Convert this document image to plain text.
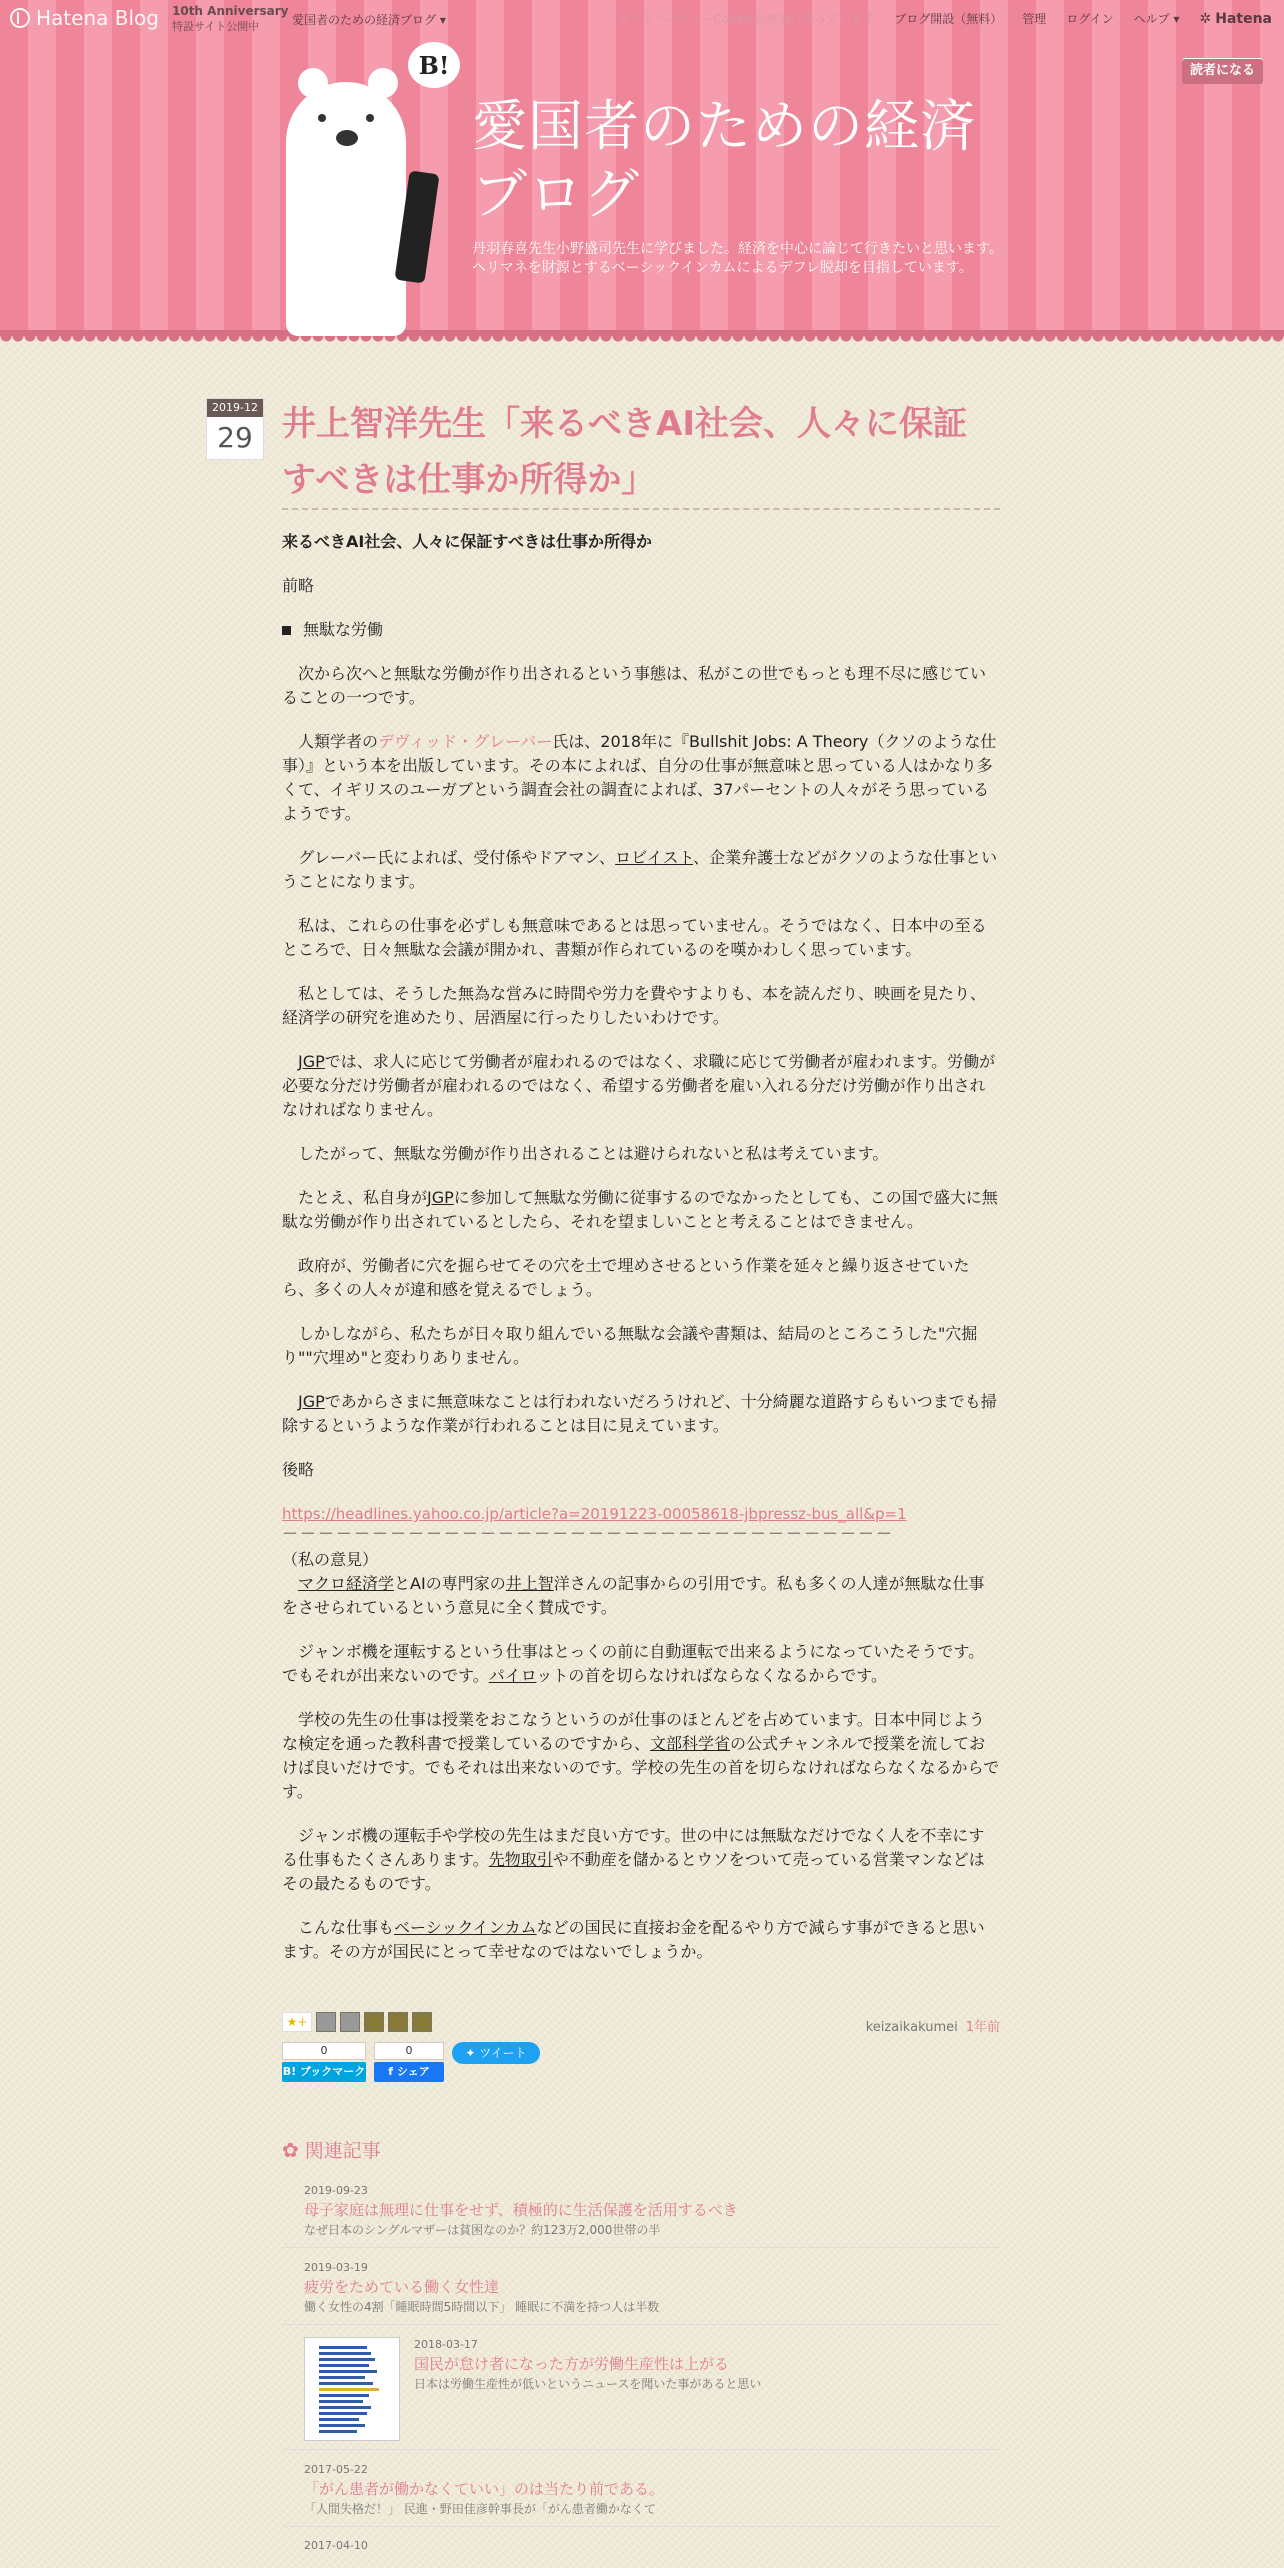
B!
愛国者のための経済ブログ
丹羽春喜先生小野盛司先生に学びました。経済を中心に論じて行きたいと思います。ヘリマネを財源とするベーシックインカムによるデフレ脱却を目指しています。
読者になる
Hatena Blog 10th Anniversary
特設サイト公開中	愛国者のための経済ブログ ▾	サードパーティーCookieが無効になっています ブログ開設（無料） 管理 ログイン ヘルプ ▾ ✲ Hatena
2019-12
29 井上智洋先生「来るべきAI社会、人々に保証すべきは仕事か所得か」

来るべきAI社会、人々に保証すべきは仕事か所得か

前略

無駄な労働

　次から次へと無駄な労働が作り出されるという事態は、私がこの世でもっとも理不尽に感じていることの一つです。

　人類学者のデヴィッド・グレーバー氏は、2018年に『Bullshit Jobs: A Theory（クソのような仕事）』という本を出版しています。その本によれば、自分の仕事が無意味と思っている人はかなり多くて、イギリスのユーガブという調査会社の調査によれば、37パーセントの人々がそう思っているようです。

　グレーバー氏によれば、受付係やドアマン、ロビイスト、企業弁護士などがクソのような仕事ということになります。

　私は、これらの仕事を必ずしも無意味であるとは思っていません。そうではなく、日本中の至るところで、日々無駄な会議が開かれ、書類が作られているのを嘆かわしく思っています。

　私としては、そうした無為な営みに時間や労力を費やすよりも、本を読んだり、映画を見たり、経済学の研究を進めたり、居酒屋に行ったりしたいわけです。

　JGPでは、求人に応じて労働者が雇われるのではなく、求職に応じて労働者が雇われます。労働が必要な分だけ労働者が雇われるのではなく、希望する労働者を雇い入れる分だけ労働が作り出されなければなりません。

　したがって、無駄な労働が作り出されることは避けられないと私は考えています。

　たとえ、私自身がJGPに参加して無駄な労働に従事するのでなかったとしても、この国で盛大に無駄な労働が作り出されているとしたら、それを望ましいことと考えることはできません。

　政府が、労働者に穴を掘らせてその穴を土で埋めさせるという作業を延々と繰り返させていたら、多くの人々が違和感を覚えるでしょう。

　しかしながら、私たちが日々取り組んでいる無駄な会議や書類は、結局のところこうした"穴掘り""穴埋め"と変わりありません。

　JGPであからさまに無意味なことは行われないだろうけれど、十分綺麗な道路すらもいつまでも掃除するというような作業が行われることは目に見えています。

後略

https://headlines.yahoo.co.jp/article?a=20191223-00058618-jbpressz-bus_all&p=1

－－－－－－－－－－－－－－－－－－－－－－－－－－－－－－－－－－

（私の意見）

　マクロ経済学とAIの専門家の井上智洋さんの記事からの引用です。私も多くの人達が無駄な仕事をさせられているという意見に全く賛成です。

　ジャンボ機を運転するという仕事はとっくの前に自動運転で出来るようになっていたそうです。でもそれが出来ないのです。パイロットの首を切らなければならなくなるからです。

　学校の先生の仕事は授業をおこなうというのが仕事のほとんどを占めています。日本中同じような検定を通った教科書で授業しているのですから、文部科学省の公式チャンネルで授業を流しておけば良いだけです。でもそれは出来ないのです。学校の先生の首を切らなければならなくなるからです。

　ジャンボ機の運転手や学校の先生はまだ良い方です。世の中には無駄なだけでなく人を不幸にする仕事もたくさんあります。先物取引や不動産を儲かるとウソをついて売っている営業マンなどはその最たるものです。

　こんな仕事もベーシックインカムなどの国民に直接お金を配るやり方で減らす事ができると思います。その方が国民にとって幸せなのではないでしょうか。

★+	keizaikakumei 1年前
0
B! ブックマーク
0
f シェア
✦ ツイート
✿ 関連記事
2019-09-23
母子家庭は無理に仕事をせず、積極的に生活保護を活用するべき
なぜ日本のシングルマザーは貧困なのか？約123万2,000世帯の半
2019-03-19
疲労をためている働く女性達
働く女性の4割「睡眠時間5時間以下」 睡眠に不満を持つ人は半数
2018-03-17
国民が怠け者になった方が労働生産性は上がる
日本は労働生産性が低いというニュースを聞いた事があると思い
2017-05-22
「がん患者が働かなくていい」のは当たり前である。
「人間失格だ！」 民進・野田佳彦幹事長が「がん患者働かなくて
2017-04-10
